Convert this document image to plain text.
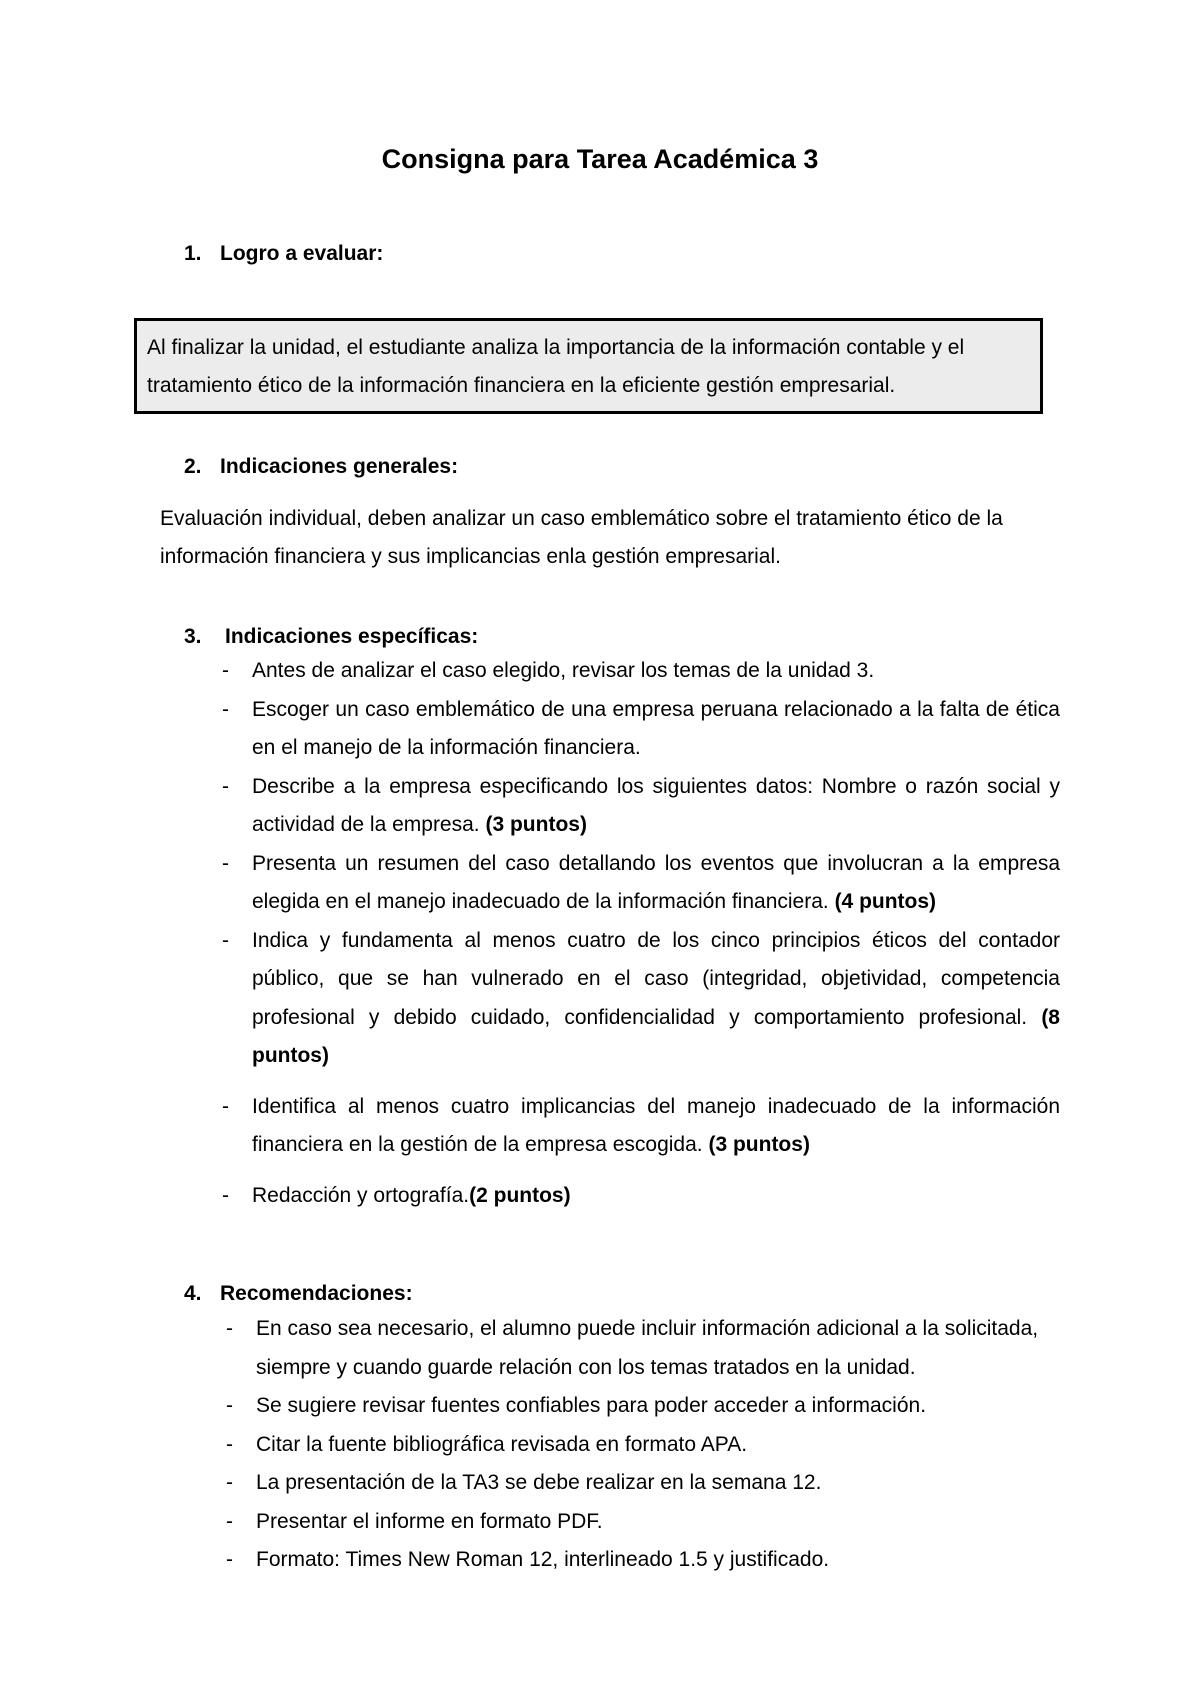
Consigna para Tarea Académica 3
1. Logro a evaluar:
Al finalizar la unidad, el estudiante analiza la importancia de la información contable y el tratamiento ético de la información financiera en la eficiente gestión empresarial.
2. Indicaciones generales:

Evaluación individual, deben analizar un caso emblemático sobre el tratamiento ético de la información financiera y sus implicancias enla gestión empresarial.

3. Indicaciones específicas:
- Antes de analizar el caso elegido, revisar los temas de la unidad 3.
- Escoger un caso emblemático de una empresa peruana relacionado a la falta de ética en el manejo de la información financiera.
- Describe a la empresa especificando los siguientes datos: Nombre o razón social y actividad de la empresa. (3 puntos)
- Presenta un resumen del caso detallando los eventos que involucran a la empresa elegida en el manejo inadecuado de la información financiera. (4 puntos)
- Indica y fundamenta al menos cuatro de los cinco principios éticos del contador público, que se han vulnerado en el caso (integridad, objetividad, competencia profesional y debido cuidado, confidencialidad y comportamiento profesional. (8 puntos)
- Identifica al menos cuatro implicancias del manejo inadecuado de la información financiera en la gestión de la empresa escogida. (3 puntos)
- Redacción y ortografía.(2 puntos)
4. Recomendaciones:
- En caso sea necesario, el alumno puede incluir información adicional a la solicitada, siempre y cuando guarde relación con los temas tratados en la unidad.
- Se sugiere revisar fuentes confiables para poder acceder a información.
- Citar la fuente bibliográfica revisada en formato APA.
- La presentación de la TA3 se debe realizar en la semana 12.
- Presentar el informe en formato PDF.
- Formato: Times New Roman 12, interlineado 1.5 y justificado.
